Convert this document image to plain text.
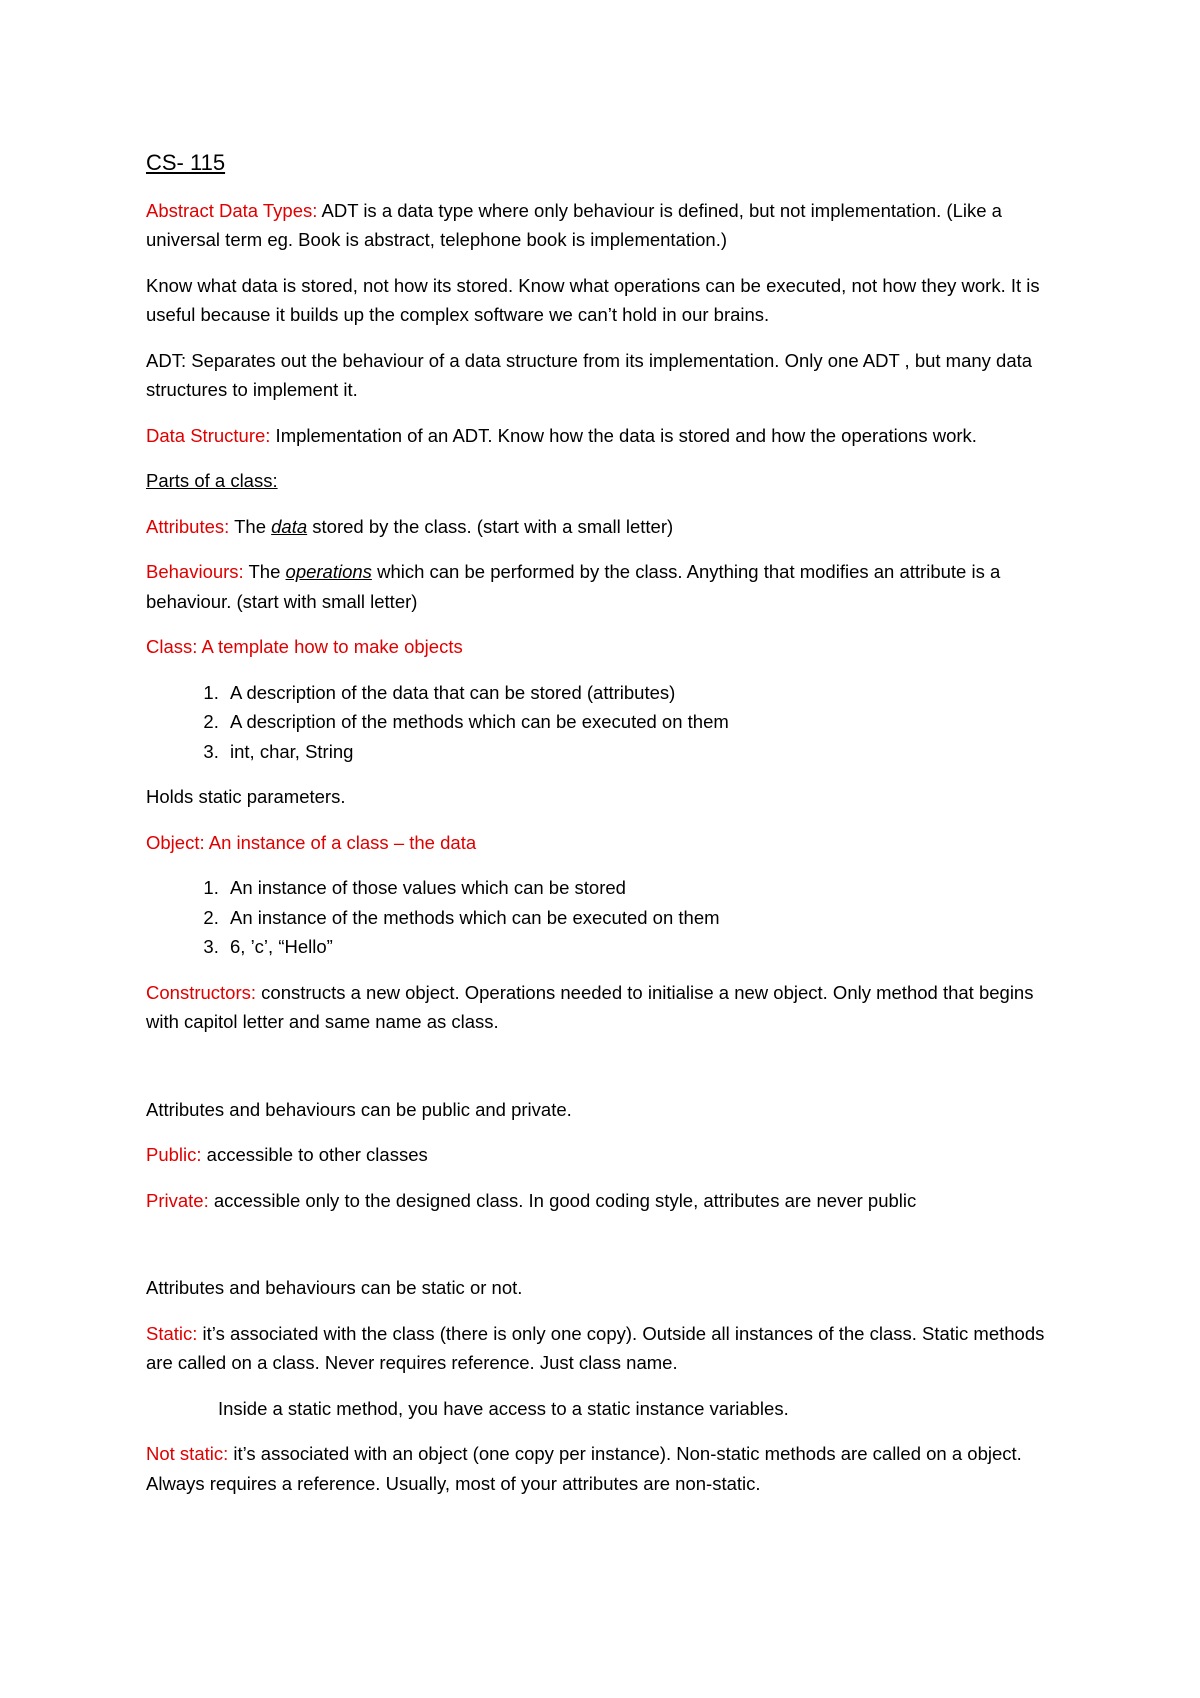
CS- 115

Abstract Data Types: ADT is a data type where only behaviour is defined, but not implementation. (Like a universal term eg. Book is abstract, telephone book is implementation.)

Know what data is stored, not how its stored. Know what operations can be executed, not how they work. It is useful because it builds up the complex software we can’t hold in our brains.

ADT: Separates out the behaviour of a data structure from its implementation. Only one ADT , but many data structures to implement it.

Data Structure: Implementation of an ADT. Know how the data is stored and how the operations work.

Parts of a class:

Attributes: The data stored by the class. (start with a small letter)

Behaviours: The operations which can be performed by the class. Anything that modifies an attribute is a behaviour. (start with small letter)

Class: A template how to make objects

1. A description of the data that can be stored (attributes)
2. A description of the methods which can be executed on them
3. int, char, String

Holds static parameters.

Object: An instance of a class – the data

1. An instance of those values which can be stored
2. An instance of the methods which can be executed on them
3. 6, ’c’, “Hello”

Constructors: constructs a new object. Operations needed to initialise a new object. Only method that begins with capitol letter and same name as class.

Attributes and behaviours can be public and private.

Public: accessible to other classes

Private: accessible only to the designed class. In good coding style, attributes are never public

Attributes and behaviours can be static or not.

Static: it’s associated with the class (there is only one copy). Outside all instances of the class. Static methods are called on a class. Never requires reference. Just class name.

Inside a static method, you have access to a static instance variables.

Not static: it’s associated with an object (one copy per instance). Non-static methods are called on a object. Always requires a reference. Usually, most of your attributes are non-static.
